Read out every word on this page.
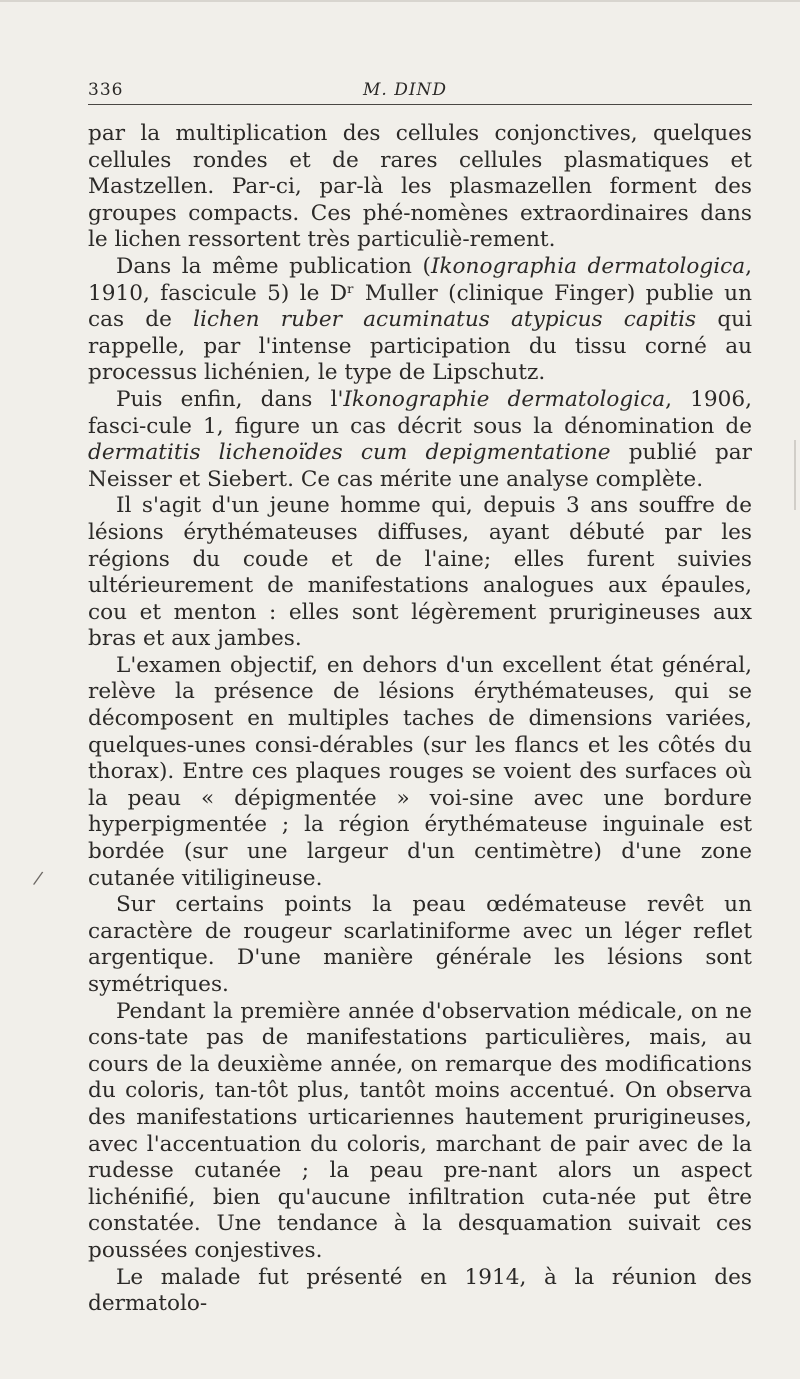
/
336	M. DIND

par la multiplication des cellules conjonctives, quelques cellules rondes et de rares cellules plasmatiques et Mastzellen. Par-ci, par-là les plasmazellen forment des groupes compacts. Ces phé-nomènes extraordinaires dans le lichen ressortent très particuliè-rement.

Dans la même publication (Ikonographia dermatologica, 1910, fascicule 5) le Dʳ Muller (clinique Finger) publie un cas de lichen ruber acuminatus atypicus capitis qui rappelle, par l'intense participation du tissu corné au processus lichénien, le type de Lipschutz.

Puis enfin, dans l'Ikonographie dermatologica, 1906, fasci-cule 1, figure un cas décrit sous la dénomination de dermatitis lichenoïdes cum depigmentatione publié par Neisser et Siebert. Ce cas mérite une analyse complète.

Il s'agit d'un jeune homme qui, depuis 3 ans souffre de lésions érythémateuses diffuses, ayant débuté par les régions du coude et de l'aine; elles furent suivies ultérieurement de manifestations analogues aux épaules, cou et menton : elles sont légèrement prurigineuses aux bras et aux jambes.

L'examen objectif, en dehors d'un excellent état général, relève la présence de lésions érythémateuses, qui se décomposent en multiples taches de dimensions variées, quelques-unes consi-dérables (sur les flancs et les côtés du thorax). Entre ces plaques rouges se voient des surfaces où la peau « dépigmentée » voi-sine avec une bordure hyperpigmentée ; la région érythémateuse inguinale est bordée (sur une largeur d'un centimètre) d'une zone cutanée vitiligineuse.

Sur certains points la peau œdémateuse revêt un caractère de rougeur scarlatiniforme avec un léger reflet argentique. D'une manière générale les lésions sont symétriques.

Pendant la première année d'observation médicale, on ne cons-tate pas de manifestations particulières, mais, au cours de la deuxième année, on remarque des modifications du coloris, tan-tôt plus, tantôt moins accentué. On observa des manifestations urticariennes hautement prurigineuses, avec l'accentuation du coloris, marchant de pair avec de la rudesse cutanée ; la peau pre-nant alors un aspect lichénifié, bien qu'aucune infiltration cuta-née put être constatée. Une tendance à la desquamation suivait ces poussées conjestives.

Le malade fut présenté en 1914, à la réunion des dermatolo-
